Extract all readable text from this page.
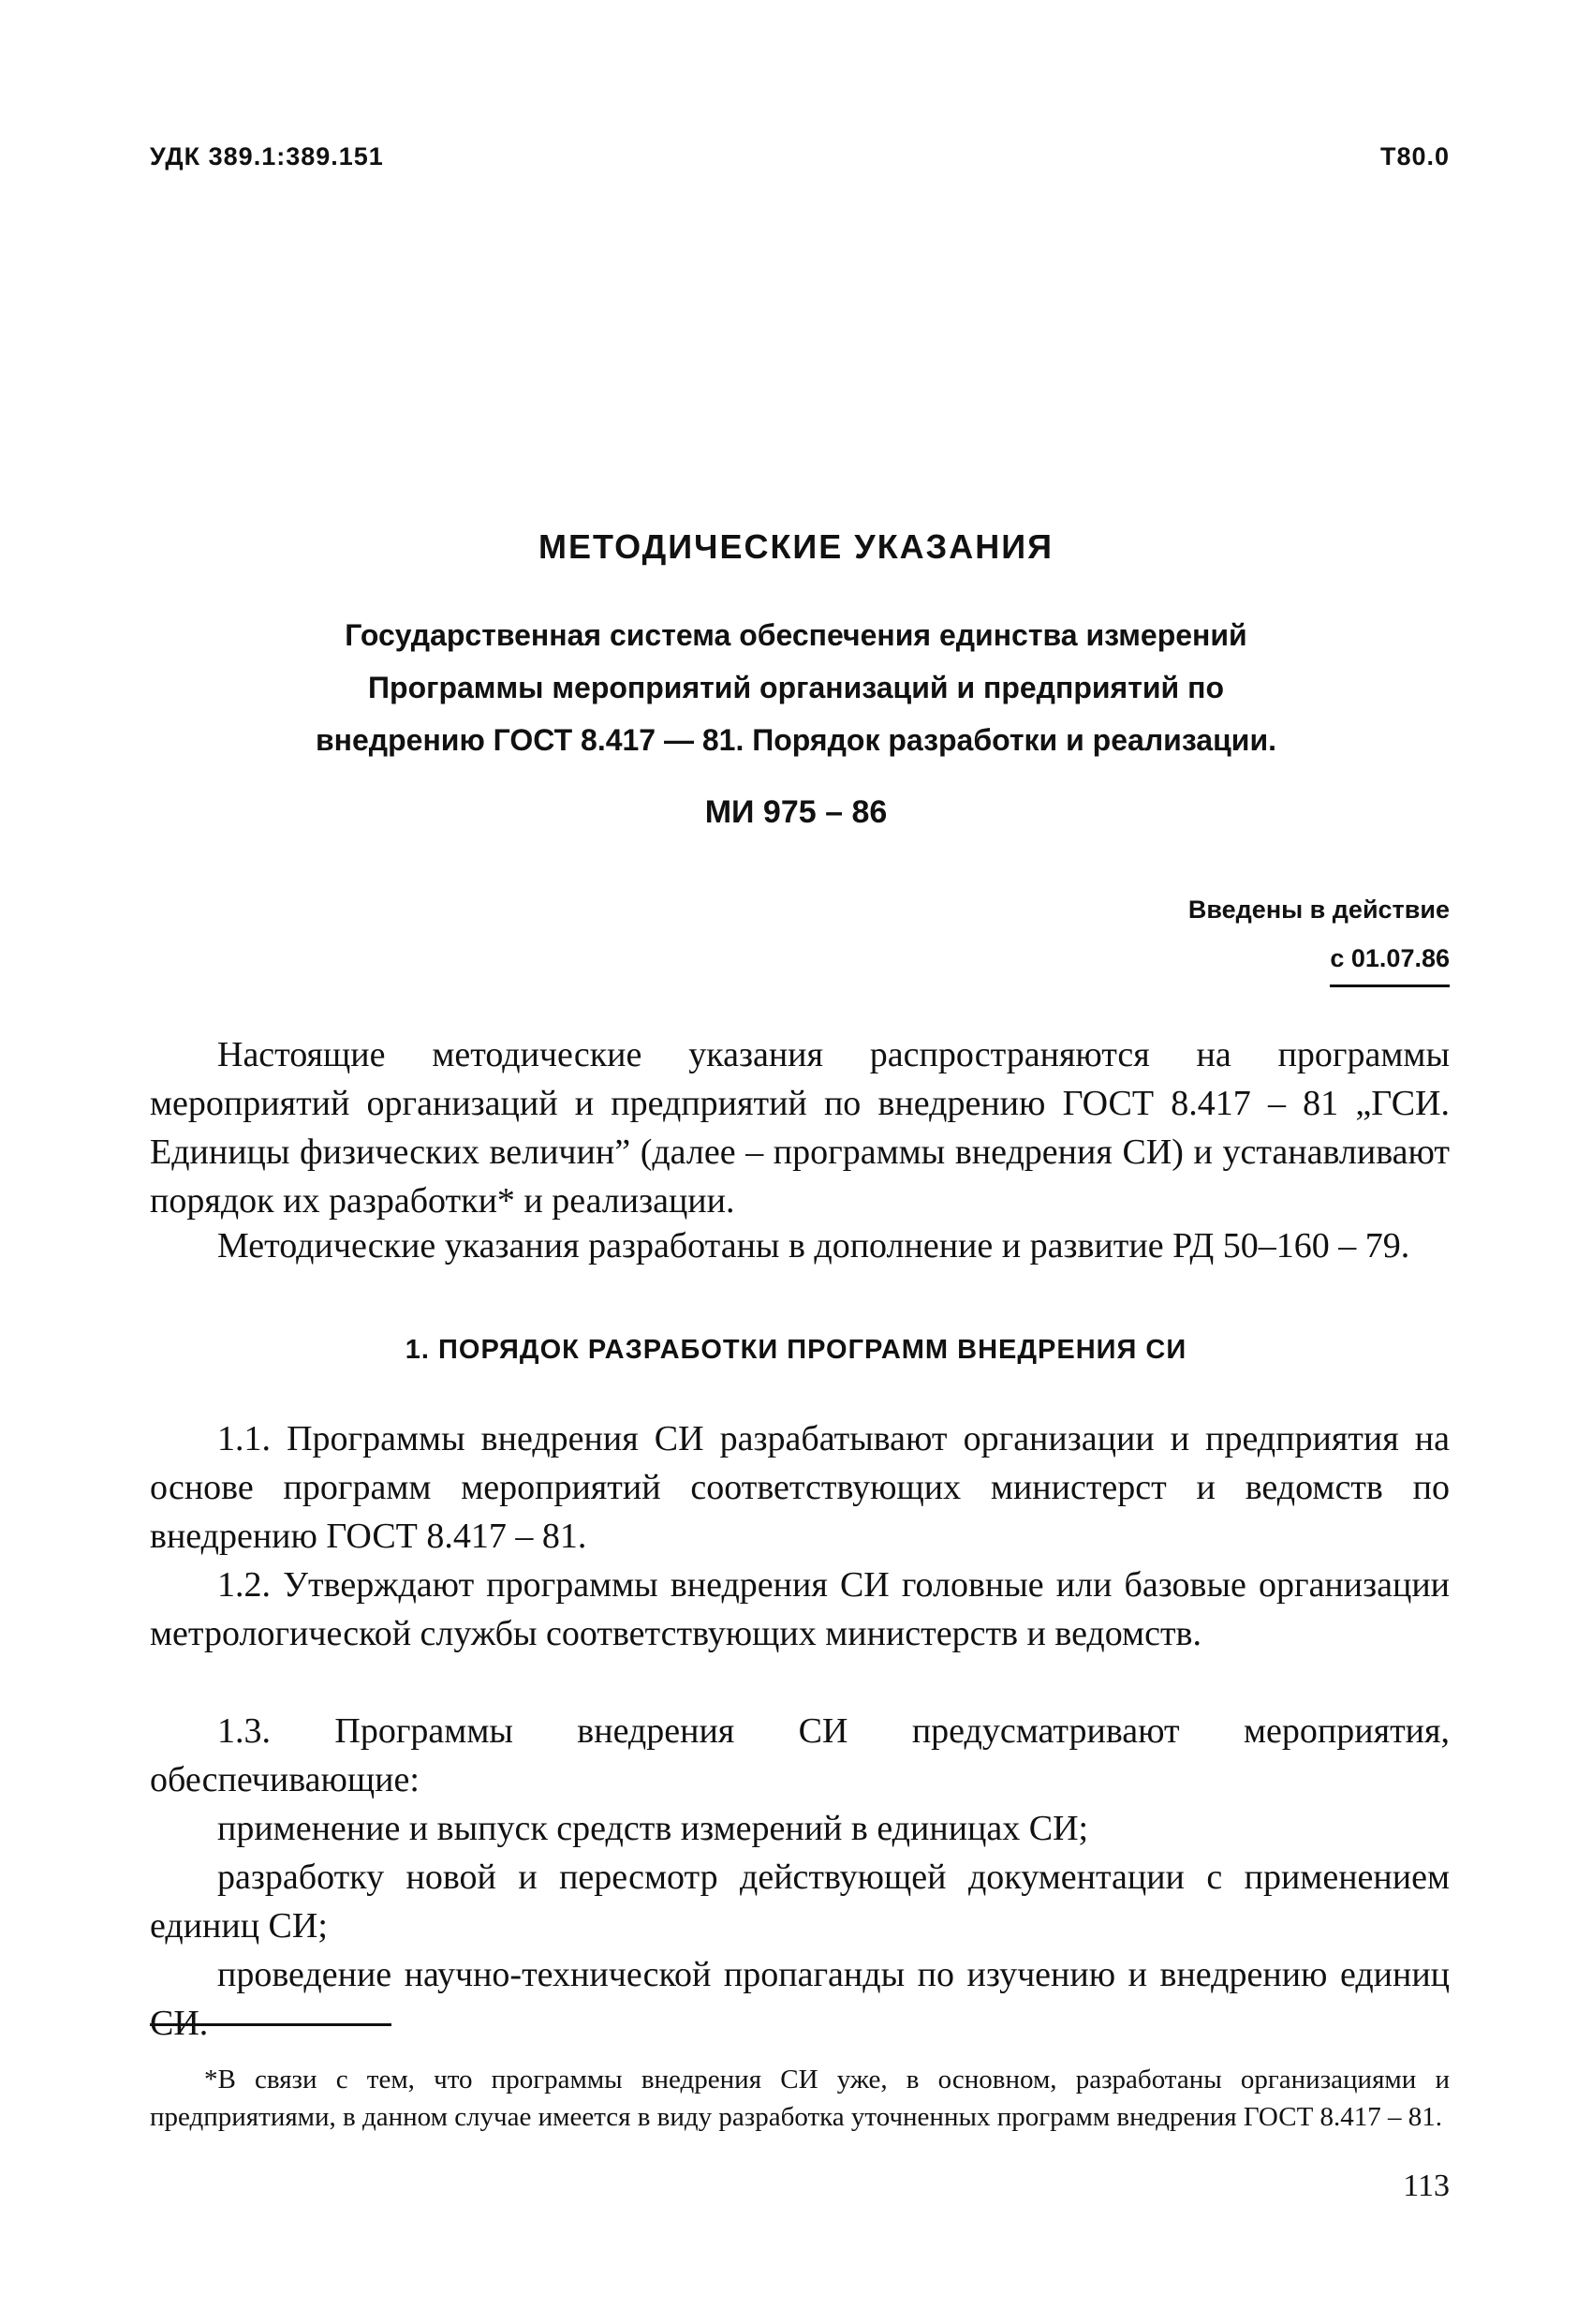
УДК 389.1:389.151	Т80.0
МЕТОДИЧЕСКИЕ УКАЗАНИЯ
Государственная система обеспечения единства измерений
Программы мероприятий организаций и предприятий по
внедрению ГОСТ 8.417 — 81. Порядок разработки и реализации.
МИ 975 – 86
Введены в действие
с 01.07.86

Настоящие методические указания распространяются на программы мероприятий организаций и предприятий по внедрению ГОСТ 8.417 – 81 „ГСИ. Единицы физических величин” (далее – программы внедрения СИ) и устанавливают порядок их разработки* и реализации.

Методические указания разработаны в дополнение и развитие РД 50–160 – 79.

1. ПОРЯДОК РАЗРАБОТКИ ПРОГРАММ ВНЕДРЕНИЯ СИ

1.1. Программы внедрения СИ разрабатывают организации и предприятия на основе программ мероприятий соответствующих министерст и ведомств по внедрению ГОСТ 8.417 – 81.

1.2. Утверждают программы внедрения СИ головные или базовые организации метрологической службы соответствующих министерств и ведомств.

1.3. Программы внедрения СИ предусматривают мероприятия, обеспечивающие:

применение и выпуск средств измерений в единицах СИ;

разработку новой и пересмотр действующей документации с применением единиц СИ;

проведение научно-технической пропаганды по изучению и внедрению единиц СИ.

*В связи с тем, что программы внедрения СИ уже, в основном, разработаны организациями и предприятиями, в данном случае имеется в виду разработка уточненных программ внедрения ГОСТ 8.417 – 81.

113
